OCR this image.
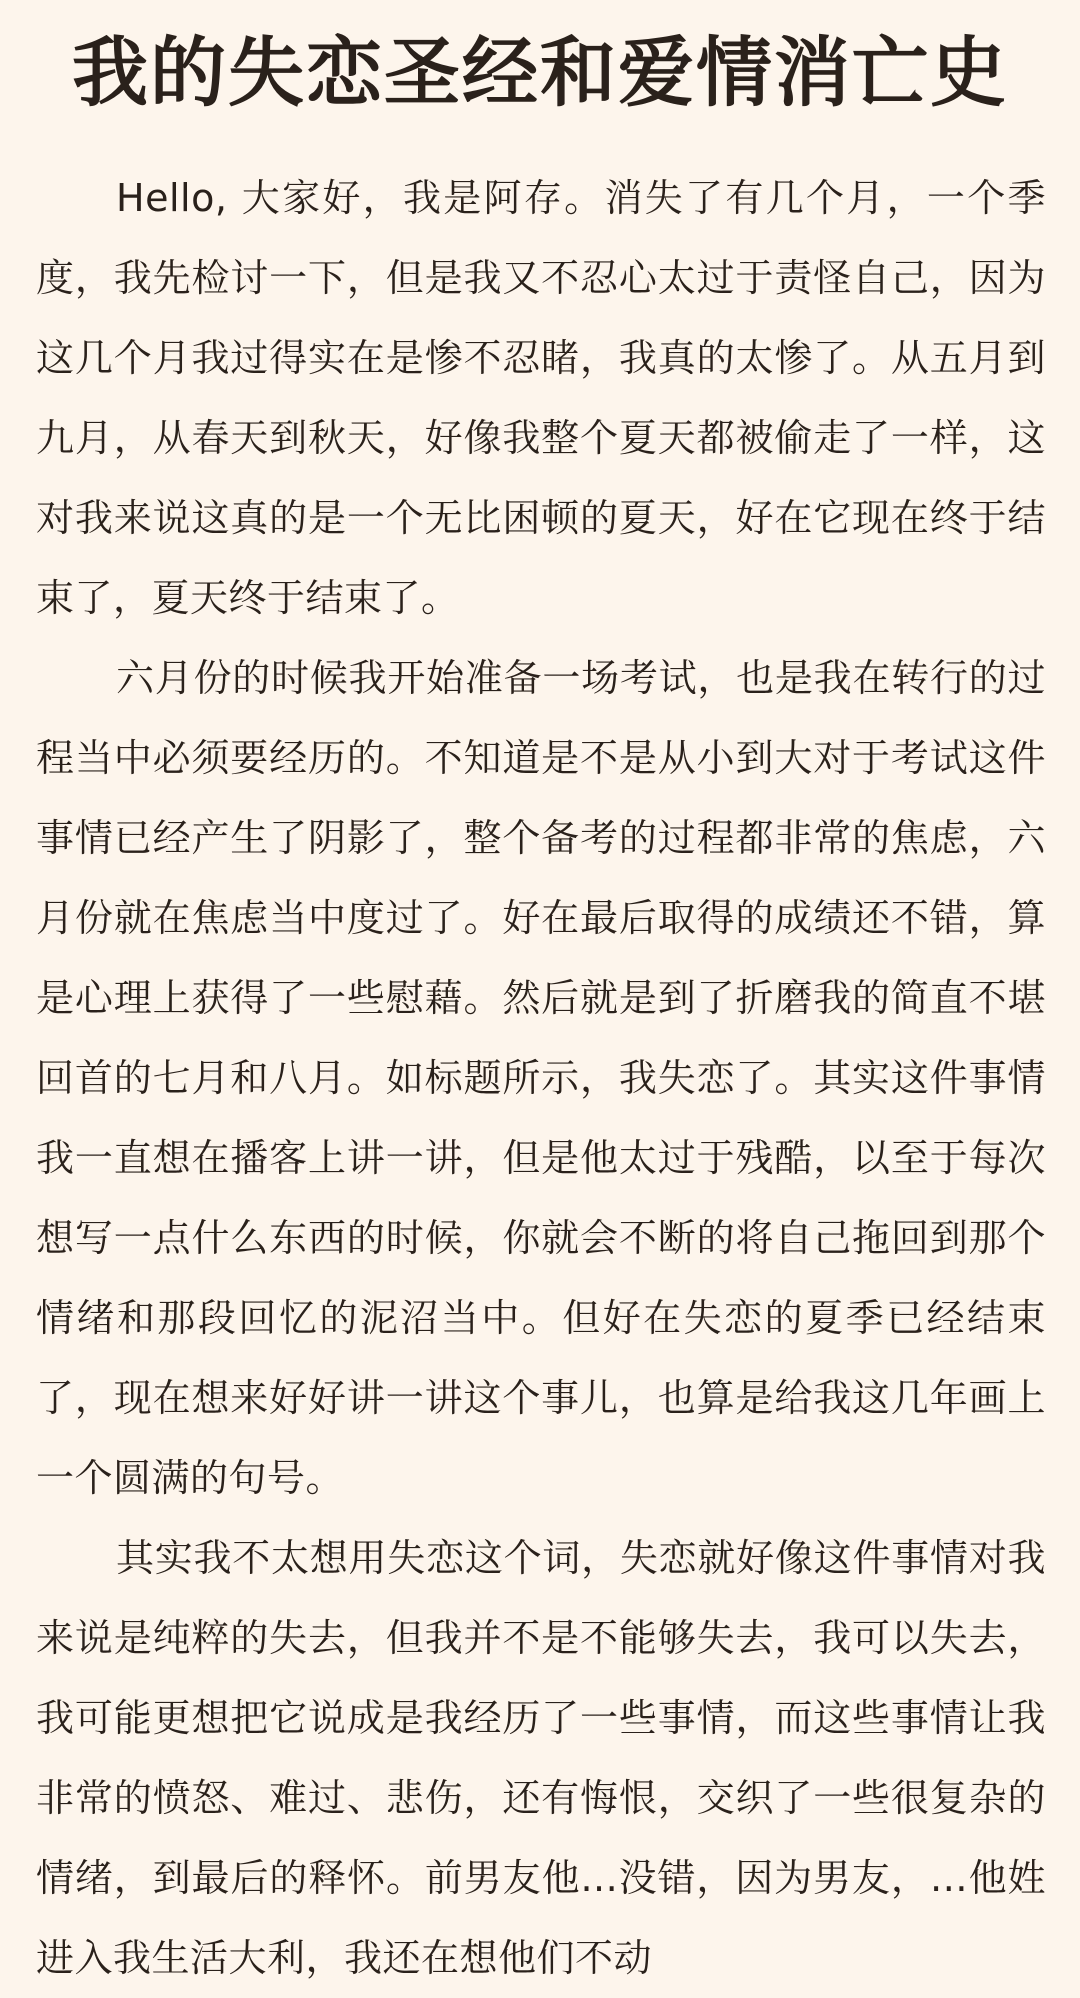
我的失恋圣经和爱情消亡史

Hello, 大家好，我是阿存。消失了有几个月，一个季度，我先检讨一下，但是我又不忍心太过于责怪自己，因为这几个月我过得实在是惨不忍睹，我真的太惨了。从五月到九月，从春天到秋天，好像我整个夏天都被偷走了一样，这对我来说这真的是一个无比困顿的夏天，好在它现在终于结束了，夏天终于结束了。

六月份的时候我开始准备一场考试，也是我在转行的过程当中必须要经历的。不知道是不是从小到大对于考试这件事情已经产生了阴影了，整个备考的过程都非常的焦虑，六月份就在焦虑当中度过了。好在最后取得的成绩还不错，算是心理上获得了一些慰藉。然后就是到了折磨我的简直不堪回首的七月和八月。如标题所示，我失恋了。其实这件事情我一直想在播客上讲一讲，但是他太过于残酷，以至于每次想写一点什么东西的时候，你就会不断的将自己拖回到那个情绪和那段回忆的泥沼当中。但好在失恋的夏季已经结束了，现在想来好好讲一讲这个事儿，也算是给我这几年画上一个圆满的句号。

其实我不太想用失恋这个词，失恋就好像这件事情对我来说是纯粹的失去，但我并不是不能够失去，我可以失去，我可能更想把它说成是我经历了一些事情，而这些事情让我非常的愤怒、难过、悲伤，还有悔恨，交织了一些很复杂的情绪，到最后的释怀。前男友他...没错，因为男友，…他姓进入我生活大利，我还在想他们不动
